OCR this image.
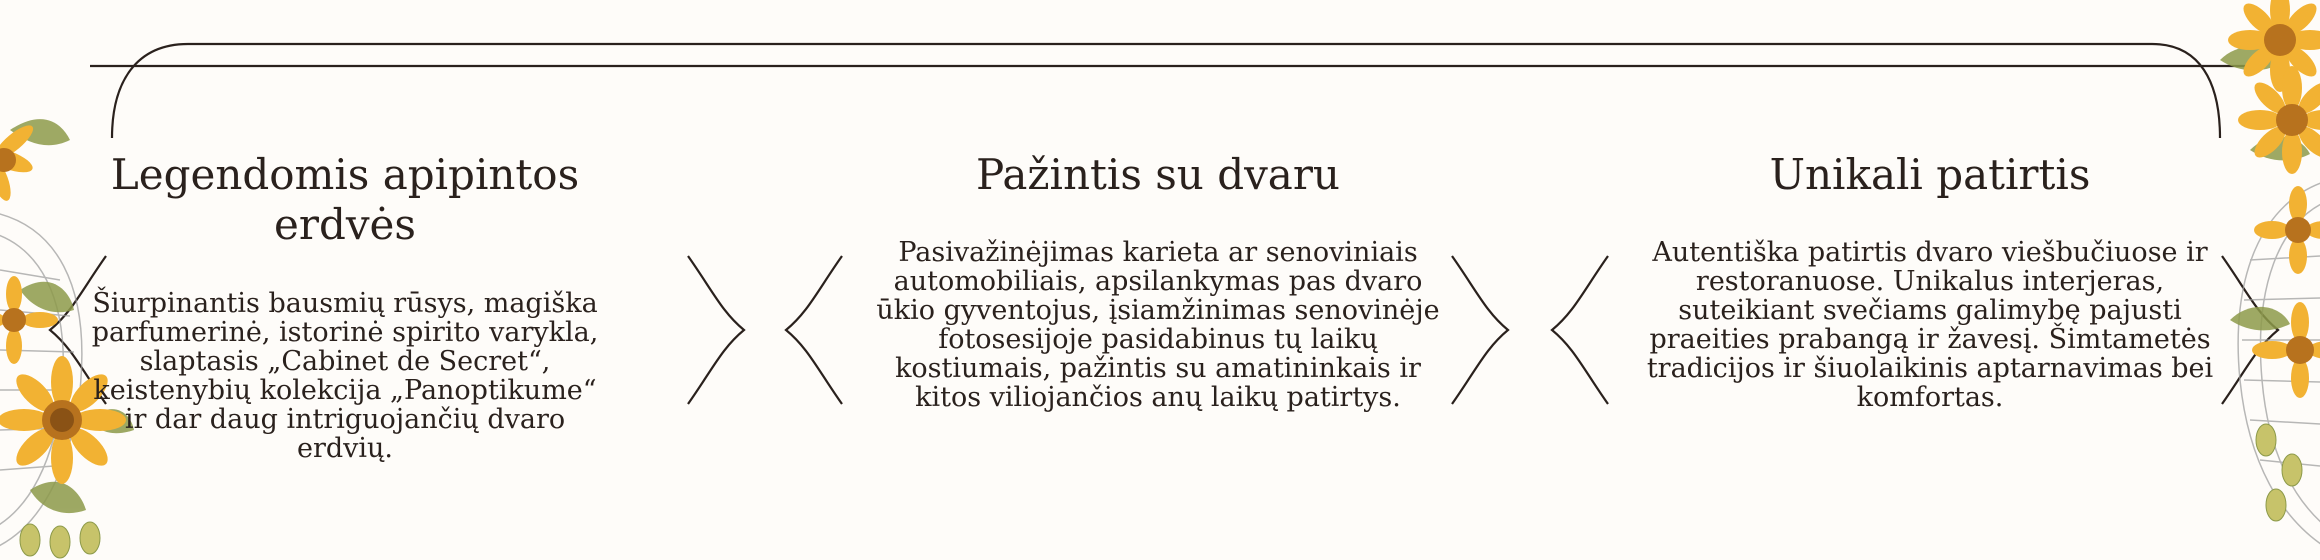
Legendomis apipintos erdvės

Šiurpinantis bausmių rūsys, magiška parfumerinė, istorinė spirito varykla, slaptasis „Cabinet de Secret“, keistenybių kolekcija „Panoptikume“ ir dar daug intriguojančių dvaro erdvių.

Pažintis su dvaru

Pasivažinėjimas karieta ar senoviniais automobiliais, apsilankymas pas dvaro ūkio gyventojus, įsiamžinimas senovinėje fotosesijoje pasidabinus tų laikų kostiumais, pažintis su amatininkais ir kitos viliojančios anų laikų patirtys.

Unikali patirtis

Autentiška patirtis dvaro viešbučiuose ir restoranuose. Unikalus interjeras, suteikiant svečiams galimybę pajusti praeities prabangą ir žavesį. Šimtametės tradicijos ir šiuolaikinis aptarnavimas bei komfortas.
